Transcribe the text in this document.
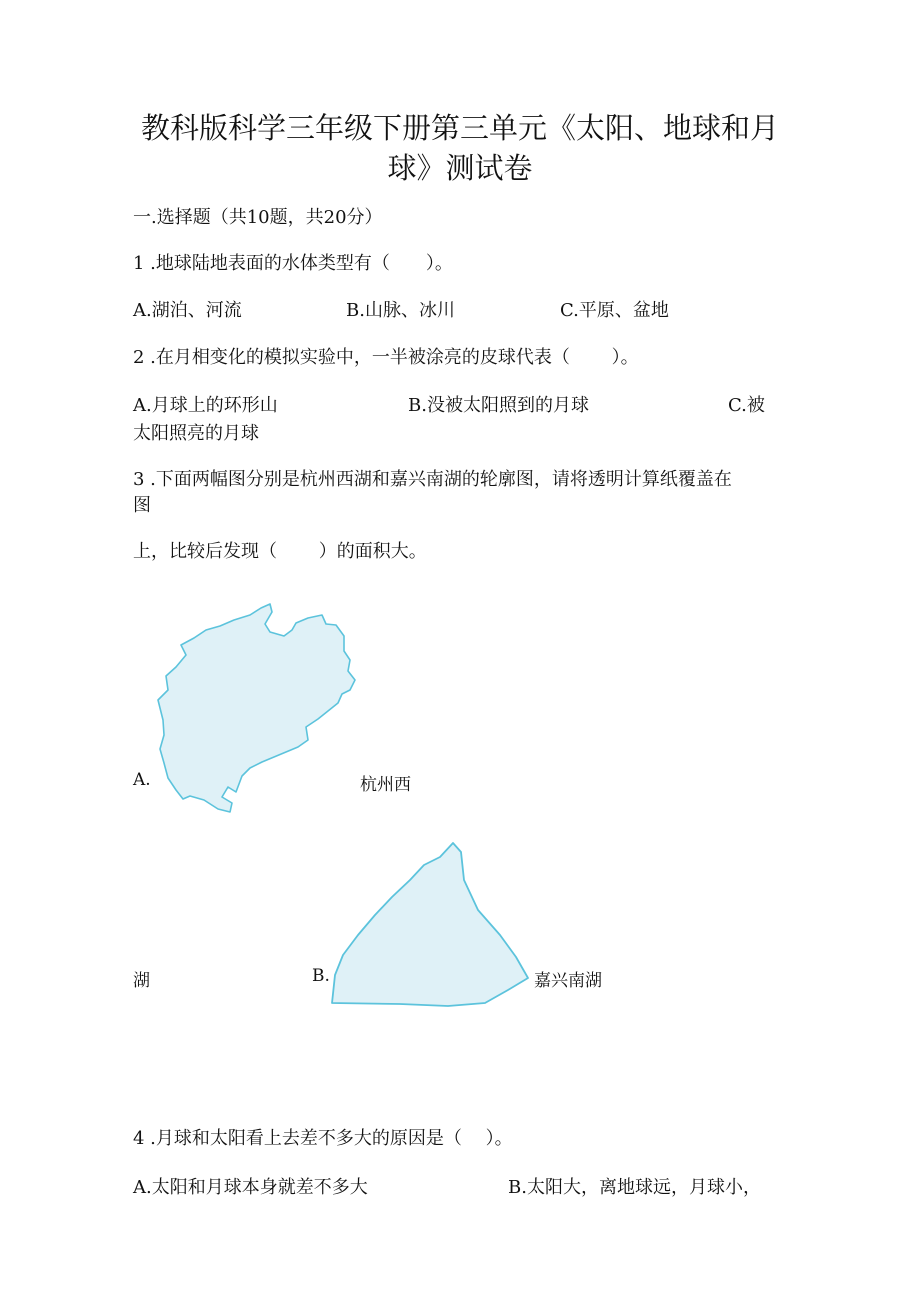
教科版科学三年级下册第三单元《太阳、地球和月
球》测试卷
一.选择题（共10题，共20分）
1 .地球陆地表面的水体类型有（　　）。
A.湖泊、河流	B.山脉、冰川	C.平原、盆地
2 .在月相变化的模拟实验中，一半被涂亮的皮球代表（　　 ）。
A.月球上的环形山	B.没被太阳照到的月球	C.被
太阳照亮的月球
3 .下面两幅图分别是杭州西湖和嘉兴南湖的轮廓图，请将透明计算纸覆盖在
图
上，比较后发现（　　 ）的面积大。
A.	杭州西
湖	B.	嘉兴南湖
4 .月球和太阳看上去差不多大的原因是（　 ）。
A.太阳和月球本身就差不多大	B.太阳大，离地球远，月球小，
